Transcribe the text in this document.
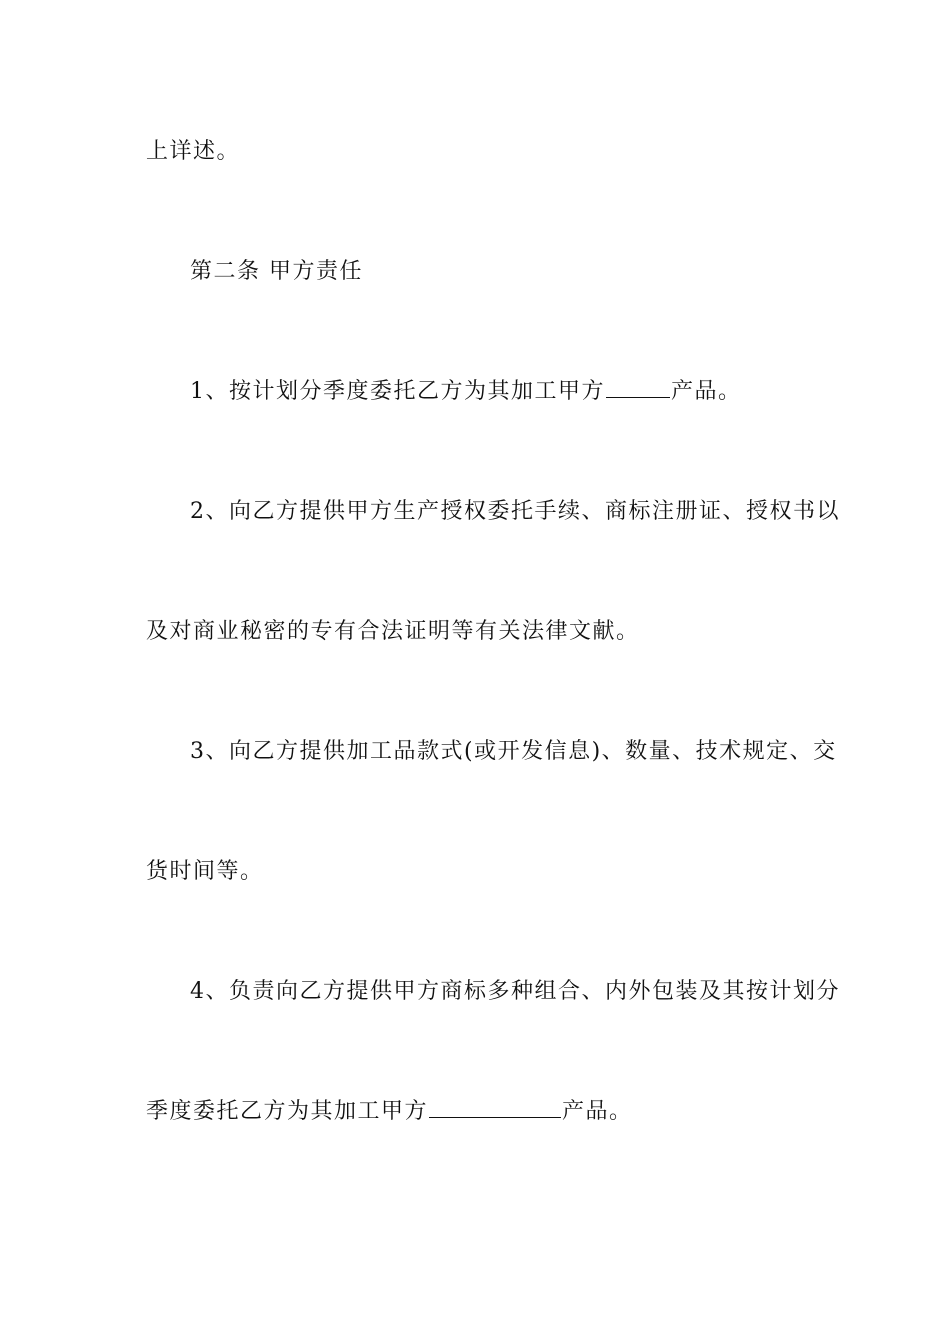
上详述。
第二条 甲方责任
1、按计划分季度委托乙方为其加工甲方	产品。
2、向乙方提供甲方生产授权委托手续、商标注册证、授权书以
及对商业秘密的专有合法证明等有关法律文献。
3、向乙方提供加工品款式(或开发信息)、数量、技术规定、交
货时间等。
4、负责向乙方提供甲方商标多种组合、内外包装及其按计划分
季度委托乙方为其加工甲方	产品。
